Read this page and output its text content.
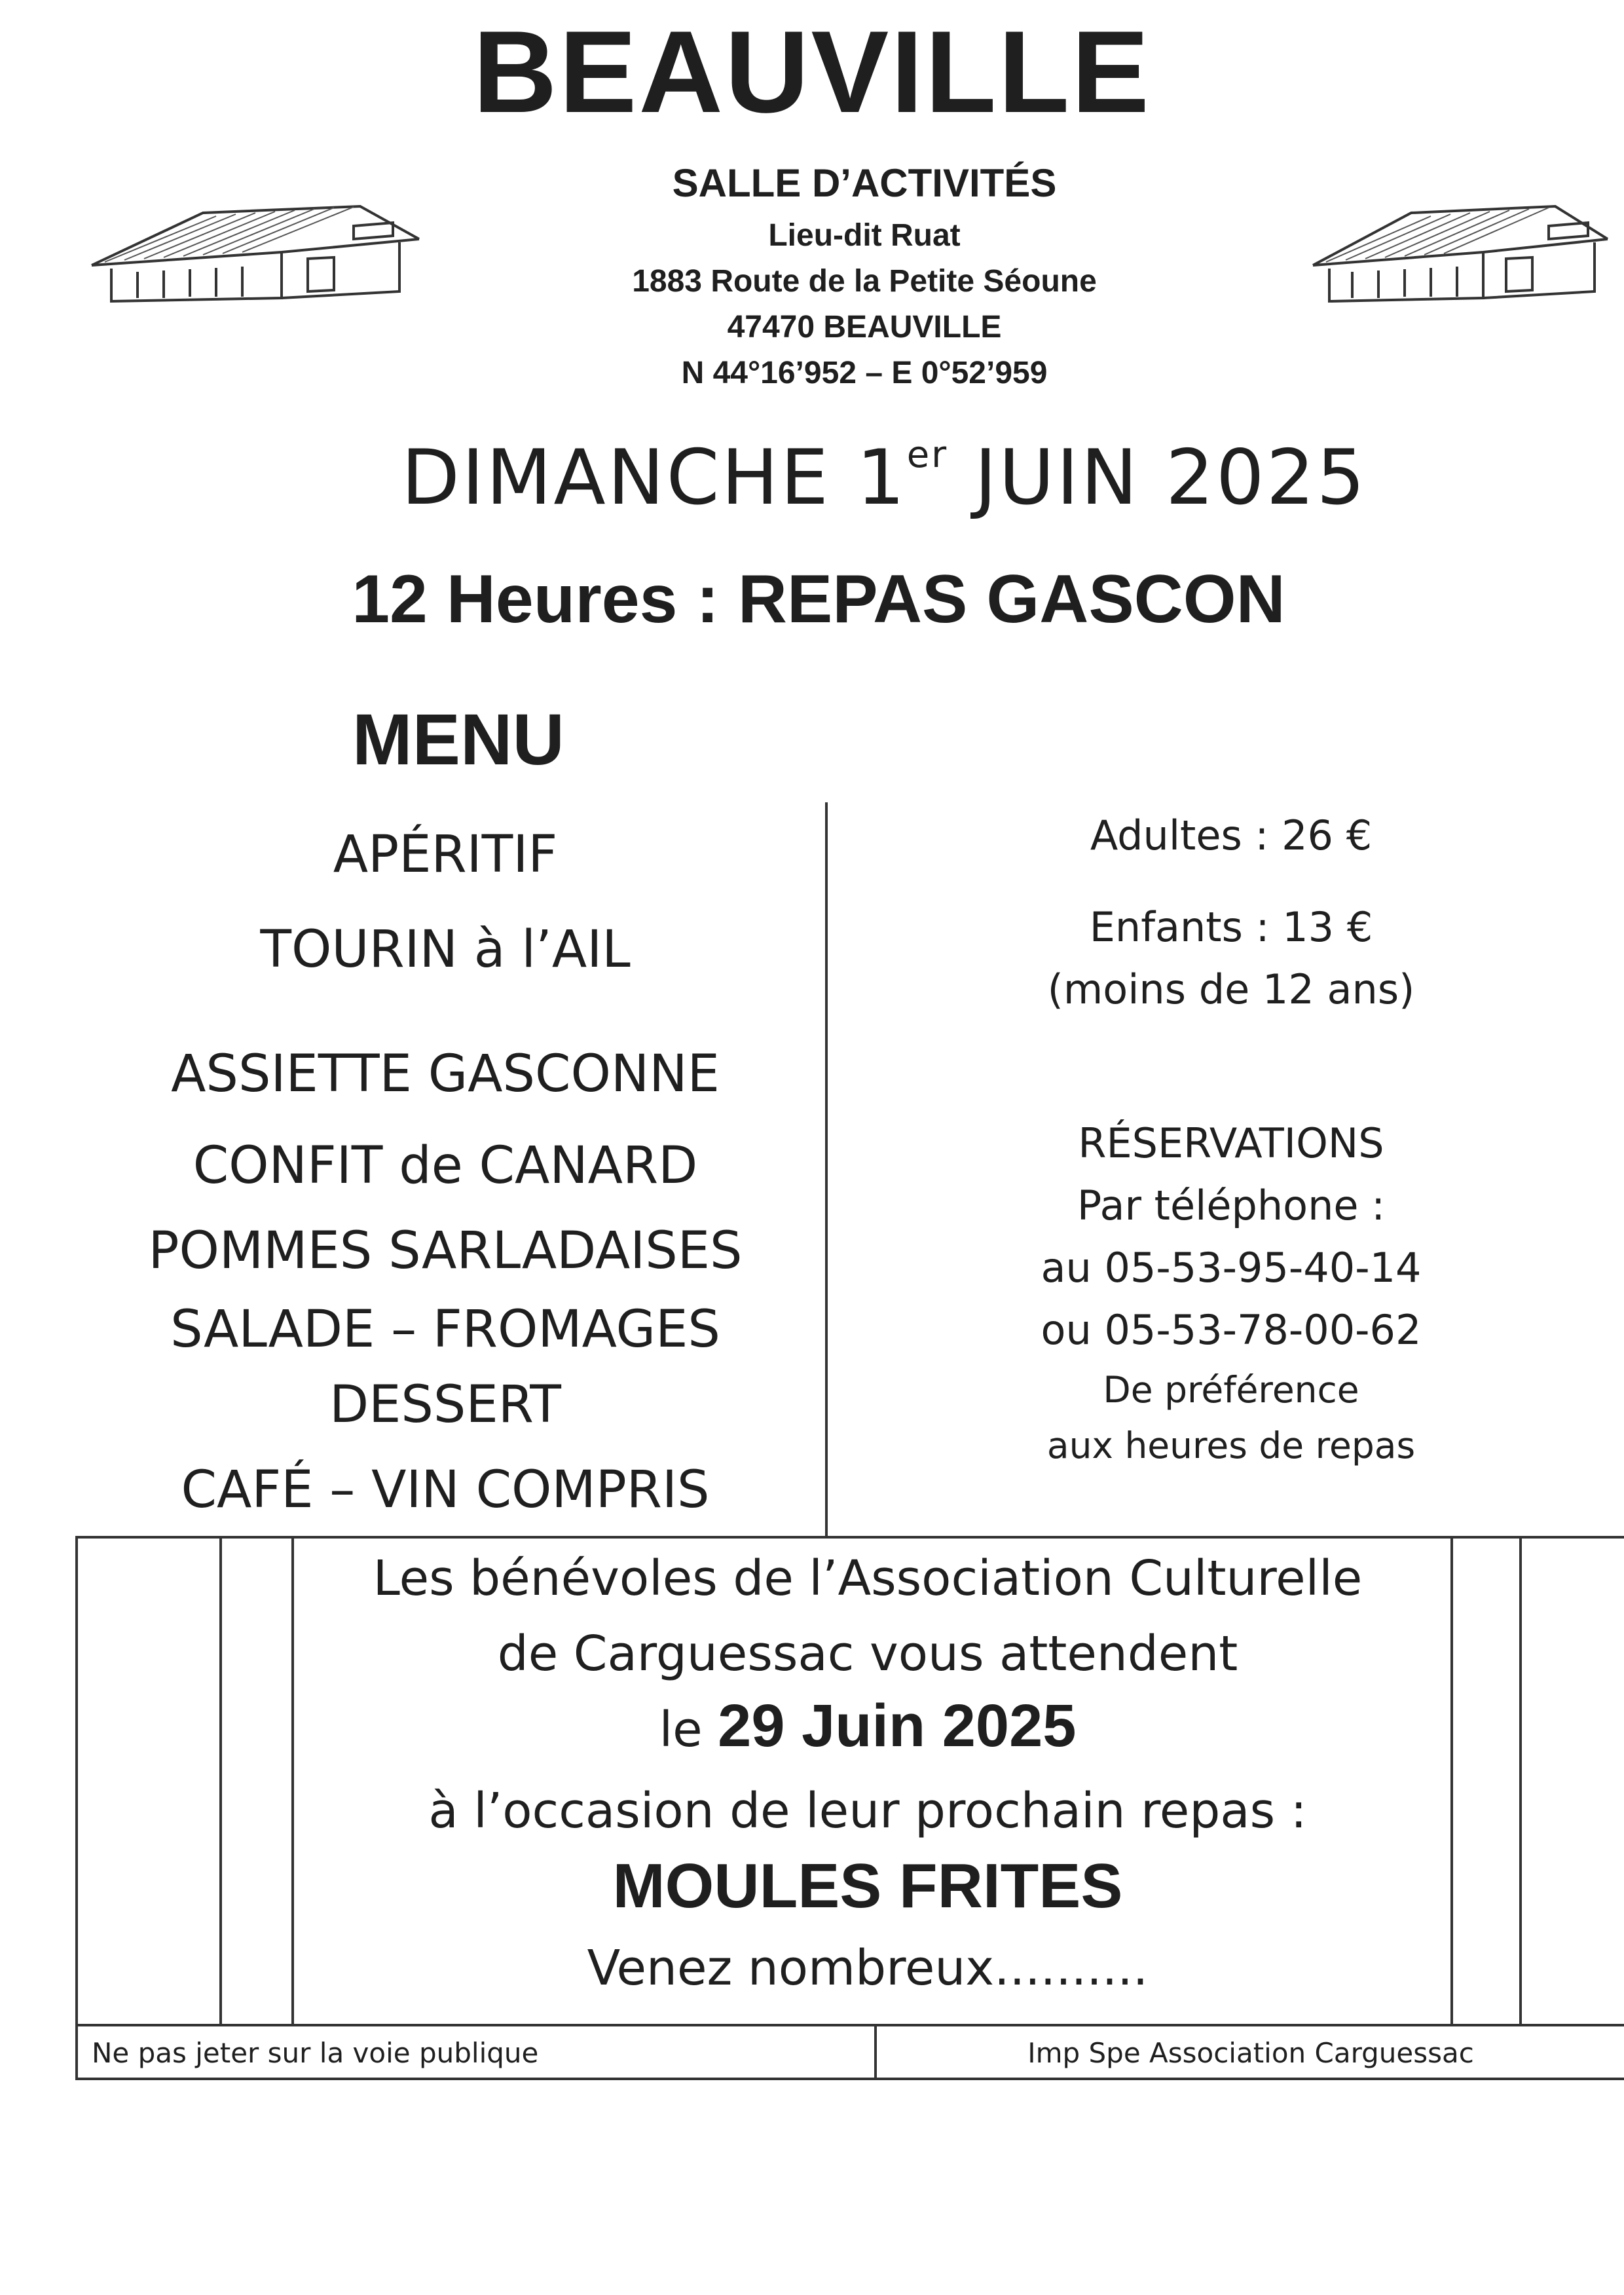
BEAUVILLE
SALLE D’ACTIVITÉS
Lieu-dit Ruat
1883 Route de la Petite Séoune
47470 BEAUVILLE
N 44°16’952 – E 0°52’959
DIMANCHE 1er JUIN 2025
12 Heures : REPAS GASCON
MENU
APÉRITIF
TOURIN à l’AIL
ASSIETTE GASCONNE
CONFIT de CANARD
POMMES SARLADAISES
SALADE – FROMAGES
DESSERT
CAFÉ – VIN COMPRIS
Adultes : 26 €
Enfants : 13 €
(moins de 12 ans)
RÉSERVATIONS
Par téléphone :
au 05-53-95-40-14
ou 05-53-78-00-62
De préférence
aux heures de repas
Les bénévoles de l’Association Culturelle
de Carguessac vous attendent
le 29 Juin 2025
à l’occasion de leur prochain repas :
MOULES FRITES
Venez nombreux..........
Ne pas jeter sur la voie publique	Imp Spe Association Carguessac
